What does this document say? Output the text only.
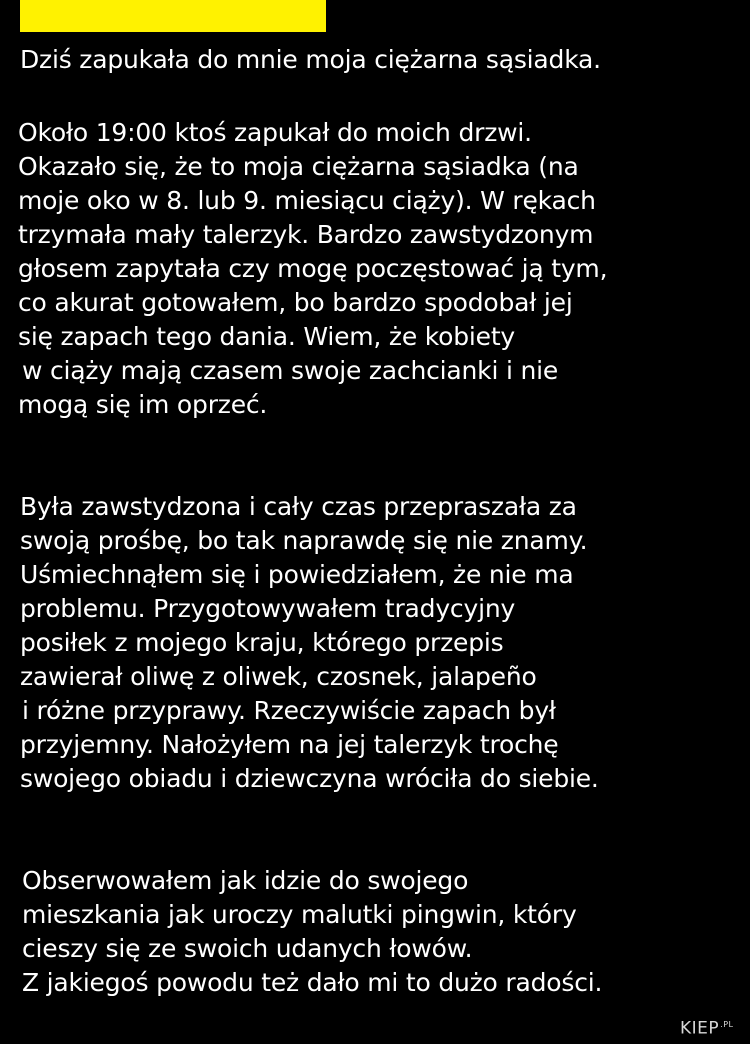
Dziś zapukała do mnie moja ciężarna sąsiadka.
Około 19:00 ktoś zapukał do moich drzwi.
Okazało się, że to moja ciężarna sąsiadka (na
moje oko w 8. lub 9. miesiącu ciąży). W rękach
trzymała mały talerzyk. Bardzo zawstydzonym
głosem zapytała czy mogę poczęstować ją tym,
co akurat gotowałem, bo bardzo spodobał jej
się zapach tego dania. Wiem, że kobiety
w ciąży mają czasem swoje zachcianki i nie
mogą się im oprzeć.
Była zawstydzona i cały czas przepraszała za
swoją prośbę, bo tak naprawdę się nie znamy.
Uśmiechnąłem się i powiedziałem, że nie ma
problemu. Przygotowywałem tradycyjny
posiłek z mojego kraju, którego przepis
zawierał oliwę z oliwek, czosnek, jalapeño
i różne przyprawy. Rzeczywiście zapach był
przyjemny. Nałożyłem na jej talerzyk trochę
swojego obiadu i dziewczyna wróciła do siebie.
Obserwowałem jak idzie do swojego
mieszkania jak uroczy malutki pingwin, który
cieszy się ze swoich udanych łowów.
Z jakiegoś powodu też dało mi to dużo radości.
$KIEP^{.PL}$
